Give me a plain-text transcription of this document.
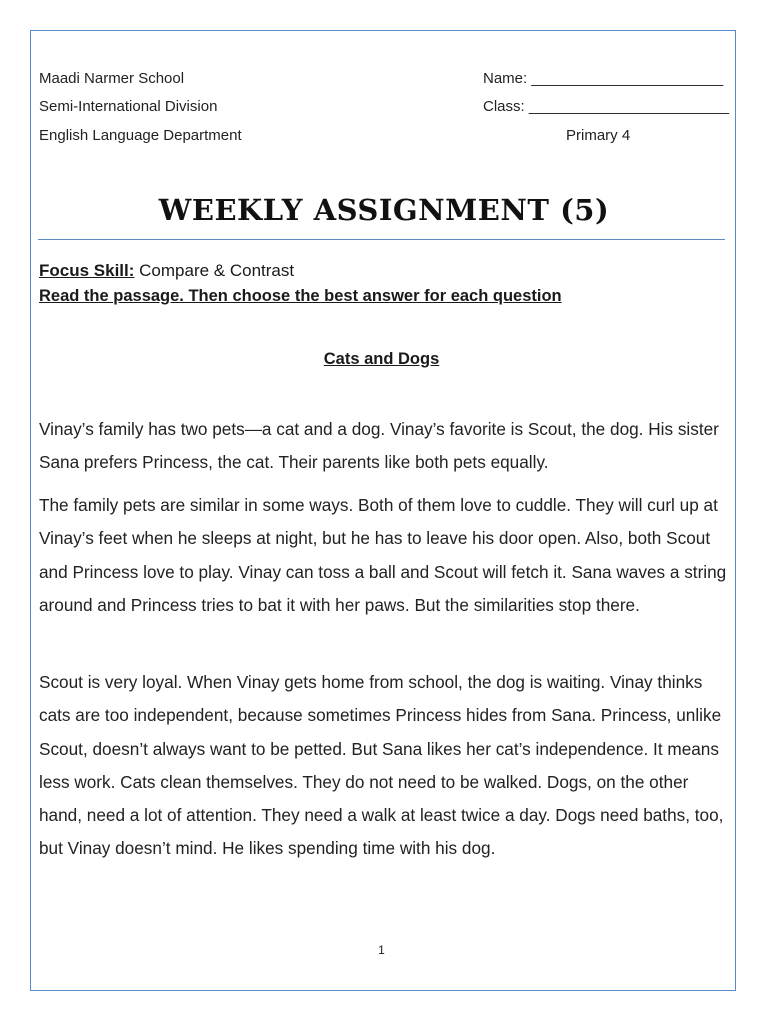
Maadi Narmer School
Semi-International Division
English Language Department
Name: _______________________
Class: ________________________
Primary 4
WEEKLY ASSIGNMENT (5)
Focus Skill: Compare & Contrast
Read the passage. Then choose the best answer for each question
Cats and Dogs
Vinay’s family has two pets—a cat and a dog. Vinay’s favorite is Scout, the dog. His sister Sana prefers Princess, the cat. Their parents like both pets equally.
The family pets are similar in some ways. Both of them love to cuddle. They will curl up at Vinay’s feet when he sleeps at night, but he has to leave his door open. Also, both Scout and Princess love to play. Vinay can toss a ball and Scout will fetch it. Sana waves a string around and Princess tries to bat it with her paws. But the similarities stop there.
Scout is very loyal. When Vinay gets home from school, the dog is waiting. Vinay thinks cats are too independent, because sometimes Princess hides from Sana. Princess, unlike Scout, doesn’t always want to be petted. But Sana likes her cat’s independence. It means less work. Cats clean themselves. They do not need to be walked. Dogs, on the other hand, need a lot of attention. They need a walk at least twice a day. Dogs need baths, too, but Vinay doesn’t mind. He likes spending time with his dog.
1
